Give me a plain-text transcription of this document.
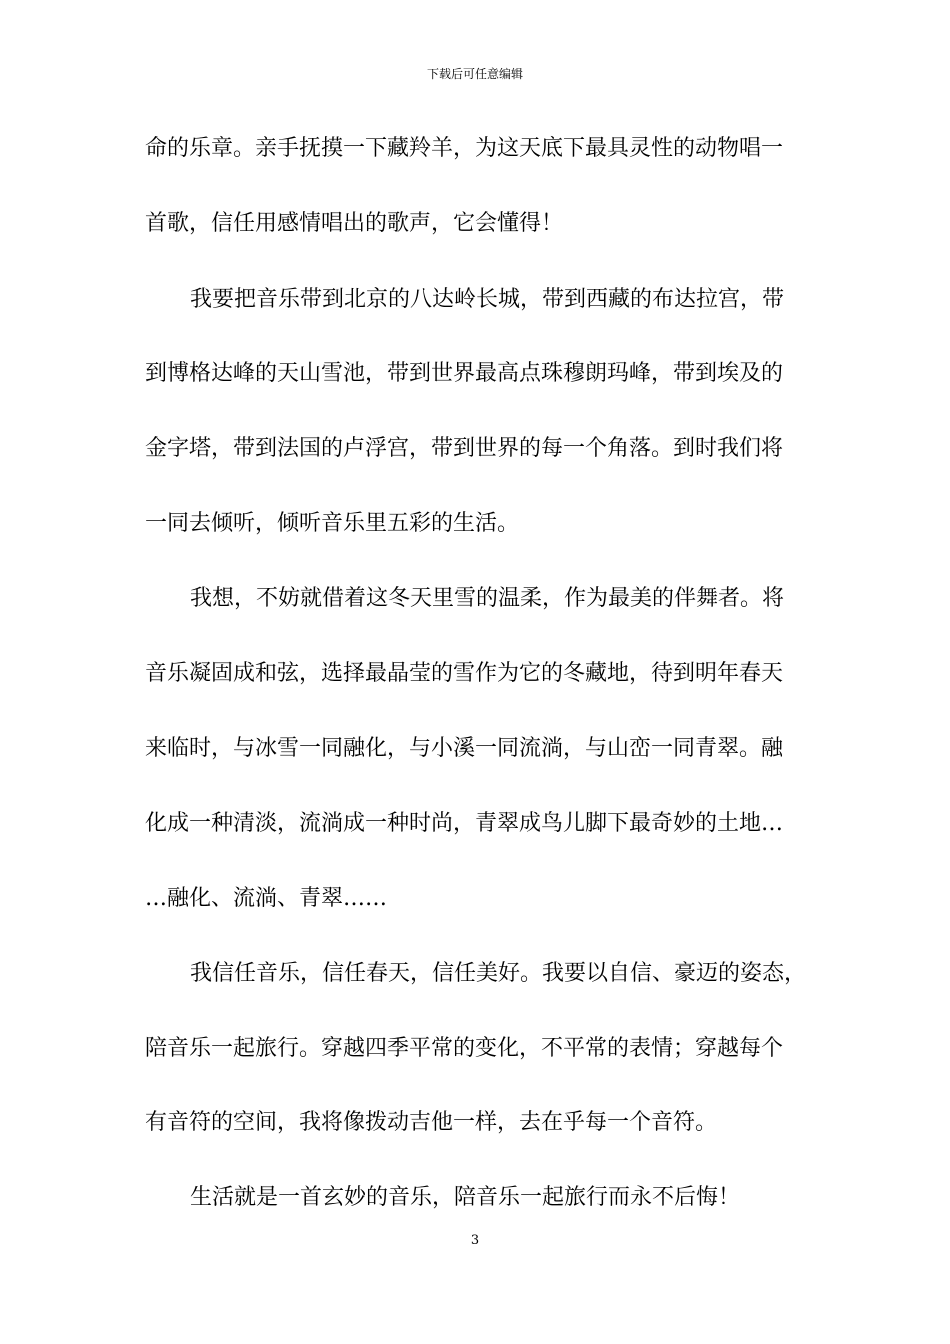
下载后可任意编辑
命的乐章。亲手抚摸一下藏羚羊，为这天底下最具灵性的动物唱一
首歌，信任用感情唱出的歌声，它会懂得！
我要把音乐带到北京的八达岭长城，带到西藏的布达拉宫，带
到博格达峰的天山雪池，带到世界最高点珠穆朗玛峰，带到埃及的
金字塔，带到法国的卢浮宫，带到世界的每一个角落。到时我们将
一同去倾听，倾听音乐里五彩的生活。
我想，不妨就借着这冬天里雪的温柔，作为最美的伴舞者。将
音乐凝固成和弦，选择最晶莹的雪作为它的冬藏地，待到明年春天
来临时，与冰雪一同融化，与小溪一同流淌，与山峦一同青翠。融
化成一种清淡，流淌成一种时尚，青翠成鸟儿脚下最奇妙的土地…
…融化、流淌、青翠……
我信任音乐，信任春天，信任美好。我要以自信、豪迈的姿态，
陪音乐一起旅行。穿越四季平常的变化，不平常的表情；穿越每个
有音符的空间，我将像拨动吉他一样，去在乎每一个音符。
生活就是一首玄妙的音乐，陪音乐一起旅行而永不后悔！
3
